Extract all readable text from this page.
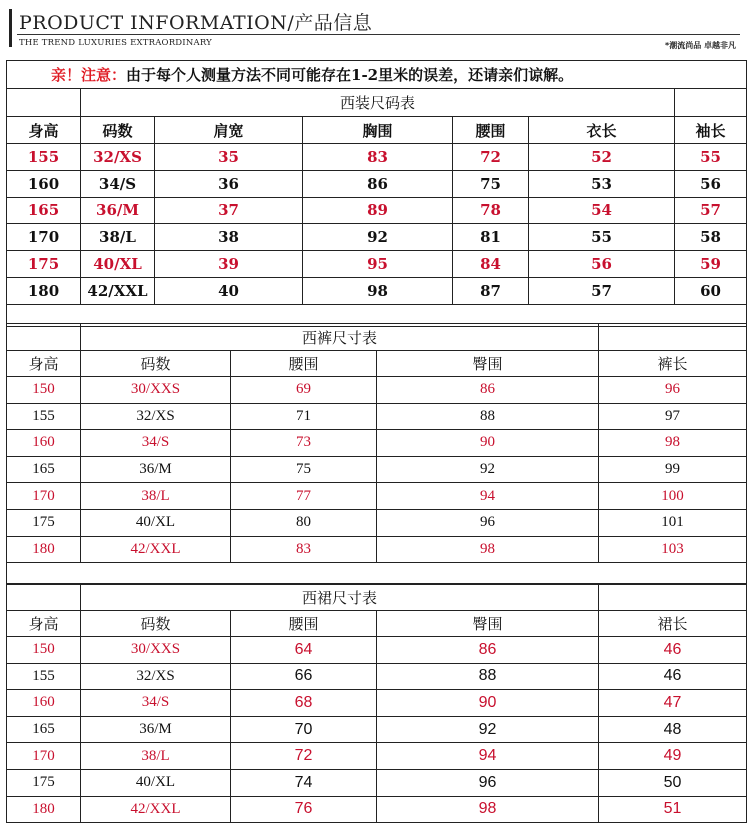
PRODUCT INFORMATION/产品信息
THE TREND LUXURIES EXTRAORDINARY	*潮流尚品 卓越非凡
亲！注意：由于每个人测量方法不同可能存在1-2里米的误差，还请亲们谅解。						
	西装尺码表					
身高	码数	肩宽	胸围	腰围	衣长	袖长
155	32/XS	35	83	72	52	55
160	34/S	36	86	75	53	56
165	36/M	37	89	78	54	57
170	38/L	38	92	81	55	58
175	40/XL	39	95	84	56	59
180	42/XXL	40	98	87	57	60

	西裤尺寸表			
身高	码数	腰围	臀围	裤长
150	30/XXS	69	86	96
155	32/XS	71	88	97
160	34/S	73	90	98
165	36/M	75	92	99
170	38/L	77	94	100
175	40/XL	80	96	101
180	42/XXL	83	98	103

	西裙尺寸表			
身高	码数	腰围	臀围	裙长
150	30/XXS	64	86	46
155	32/XS	66	88	46
160	34/S	68	90	47
165	36/M	70	92	48
170	38/L	72	94	49
175	40/XL	74	96	50
180	42/XXL	76	98	51
